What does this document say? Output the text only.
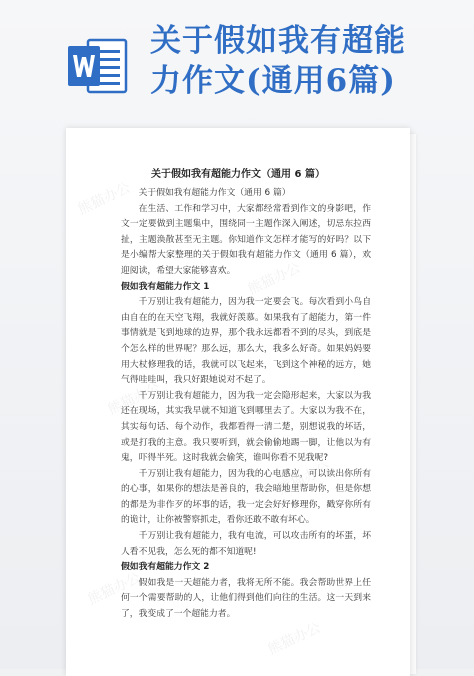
关于假如我有超能
力作文(通用6篇)
熊猫办公
熊猫办公
熊猫办公
熊猫办公
熊猫办公
熊猫办公
关于假如我有超能力作文（通用 6 篇）

关于假如我有超能力作文（通用 6 篇）

在生活、工作和学习中，大家都经常看到作文的身影吧，作文一定要做到主题集中，围绕同一主题作深入阐述，切忌东拉西扯，主题涣散甚至无主题。你知道作文怎样才能写的好吗？以下是小编帮大家整理的关于假如我有超能力作文（通用 6 篇），欢迎阅读，希望大家能够喜欢。

假如我有超能力作文 1

千万别让我有超能力，因为我一定要会飞。每次看到小鸟自由自在的在天空飞翔，我就好羡慕。如果我有了超能力，第一件事情就是飞到地球的边界，那个我永远都看不到的尽头，到底是个怎么样的世界呢？那么远，那么大，我多么好奇。如果妈妈要用大杖修理我的话，我就可以飞起来，飞到这个神秘的远方，她气得哇哇叫，我只好跟她说对不起了。

千万别让我有超能力，因为我一定会隐形起来，大家以为我还在现场，其实我早就不知道飞到哪里去了。大家以为我不在，其实每句话、每个动作，我都看得一清二楚，别想说我的坏话，或是打我的主意。我只要听到，就会偷偷地踢一脚，让他以为有鬼，吓得半死。这时我就会偷笑，谁叫你看不见我呢?

千万别让我有超能力，因为我的心电感应，可以读出你所有的心事，如果你的想法是善良的，我会暗地里帮助你，但是你想的都是为非作歹的坏事的话，我一定会好好修理你，戳穿你所有的诡计，让你被警察抓走，看你还敢不敢有坏心。

千万别让我有超能力，我有电流，可以攻击所有的坏蛋，坏人看不见我，怎么死的都不知道呢!

假如我有超能力作文 2

假如我是一天超能力者，我将无所不能。我会帮助世界上任何一个需要帮助的人，让他们得到他们向往的生活。这一天到来了，我变成了一个超能力者。
